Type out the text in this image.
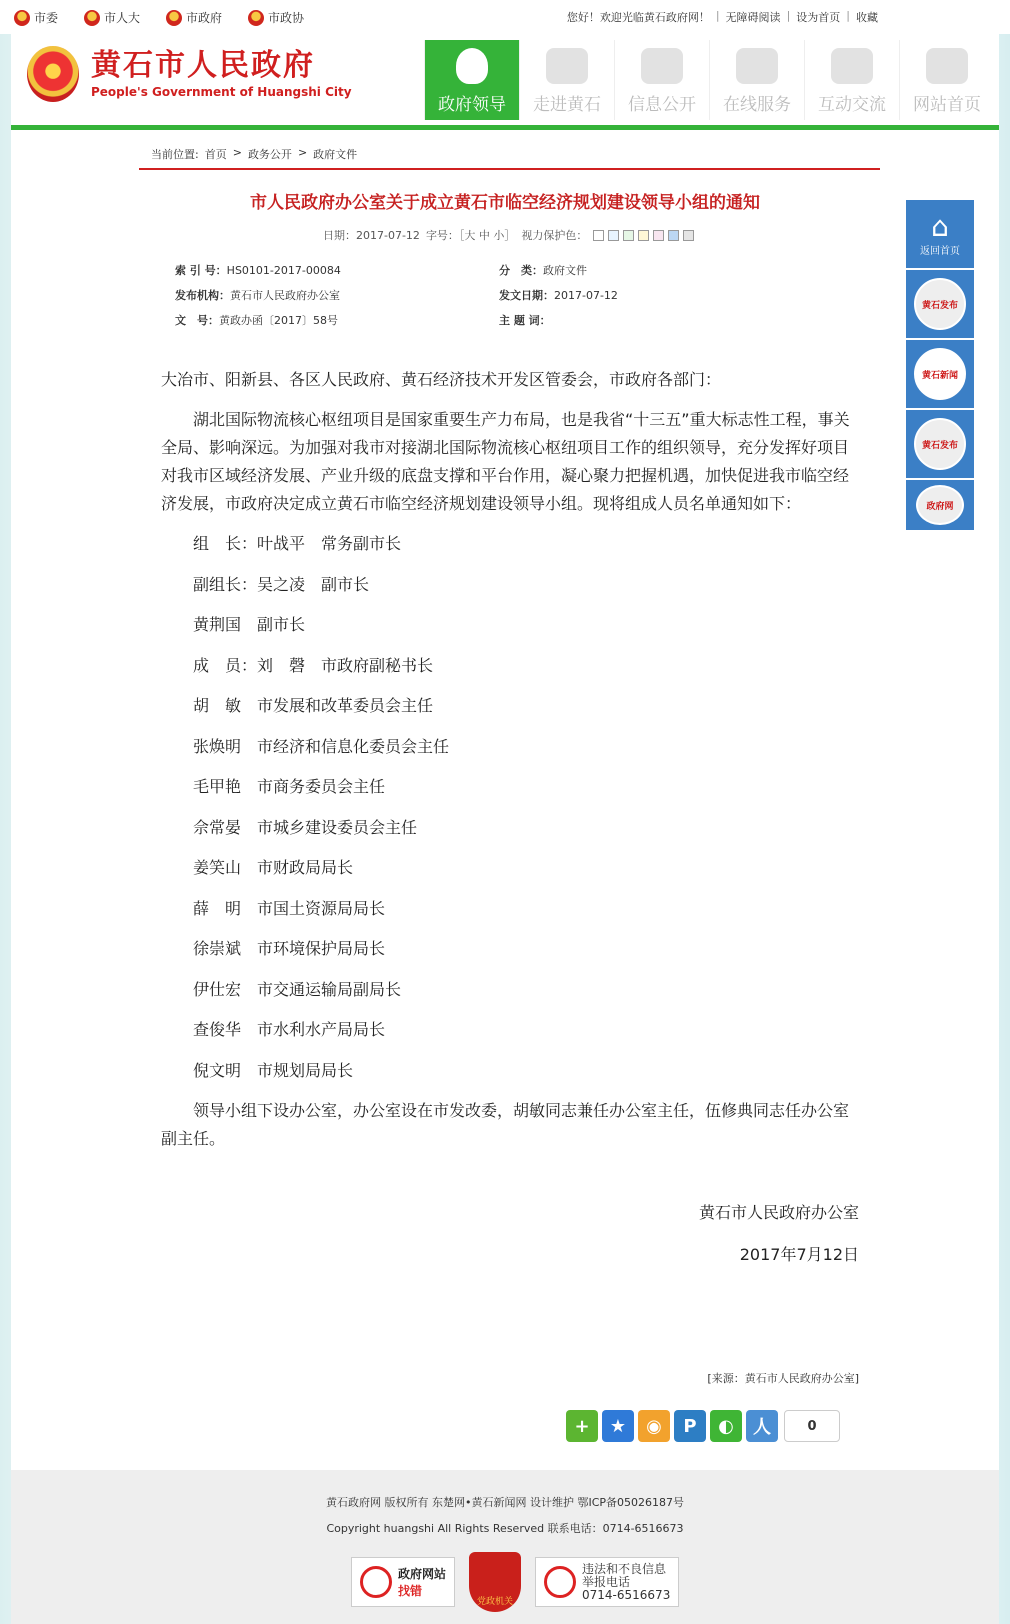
市委	市人大	市政府	市政协	您好！欢迎光临黄石政府网！ | 无障碍阅读 | 设为首页 | 收藏
黄石市人民政府
People's Government of Huangshi City
政府领导	走进黄石	信息公开	在线服务	互动交流	网站首页
当前位置: 首页 > 政务公开 > 政府文件
市人民政府办公室关于成立黄石市临空经济规划建设领导小组的通知
日期：2017-07-12 字号：［大 中 小］ 视力保护色：
索 引 号：HS0101-2017-00084	分　类：政府文件
发布机构：黄石市人民政府办公室	发文日期：2017-07-12
文　号：黄政办函〔2017〕58号	主 题 词：

大冶市、阳新县、各区人民政府、黄石经济技术开发区管委会，市政府各部门：

湖北国际物流核心枢纽项目是国家重要生产力布局，也是我省“十三五”重大标志性工程，事关全局、影响深远。为加强对我市对接湖北国际物流核心枢纽项目工作的组织领导，充分发挥好项目对我市区域经济发展、产业升级的底盘支撑和平台作用，凝心聚力把握机遇，加快促进我市临空经济发展，市政府决定成立黄石市临空经济规划建设领导小组。现将组成人员名单通知如下：

组　长：叶战平　常务副市长

副组长：吴之凌　副市长

黄荆国　副市长

成　员：刘　磬　市政府副秘书长

胡　敏　市发展和改革委员会主任

张焕明　市经济和信息化委员会主任

毛甲艳　市商务委员会主任

佘常晏　市城乡建设委员会主任

姜笑山　市财政局局长

薛　明　市国土资源局局长

徐崇斌　市环境保护局局长

伊仕宏　市交通运输局副局长

查俊华　市水利水产局局长

倪文明　市规划局局长

领导小组下设办公室，办公室设在市发改委，胡敏同志兼任办公室主任，伍修典同志任办公室副主任。

黄石市人民政府办公室
2017年7月12日
[来源：黄石市人民政府办公室]
+	★	◉	P	◐	人	0
⌂
返回首页
黄石发布
黄石新闻
黄石发布
政府网
黄石政府网 版权所有 东楚网•黄石新闻网 设计维护 鄂ICP备05026187号
Copyright huangshi All Rights Reserved 联系电话：0714-6516673
政府网站
找错
党政机关
违法和不良信息
举报电话
0714-6516673
